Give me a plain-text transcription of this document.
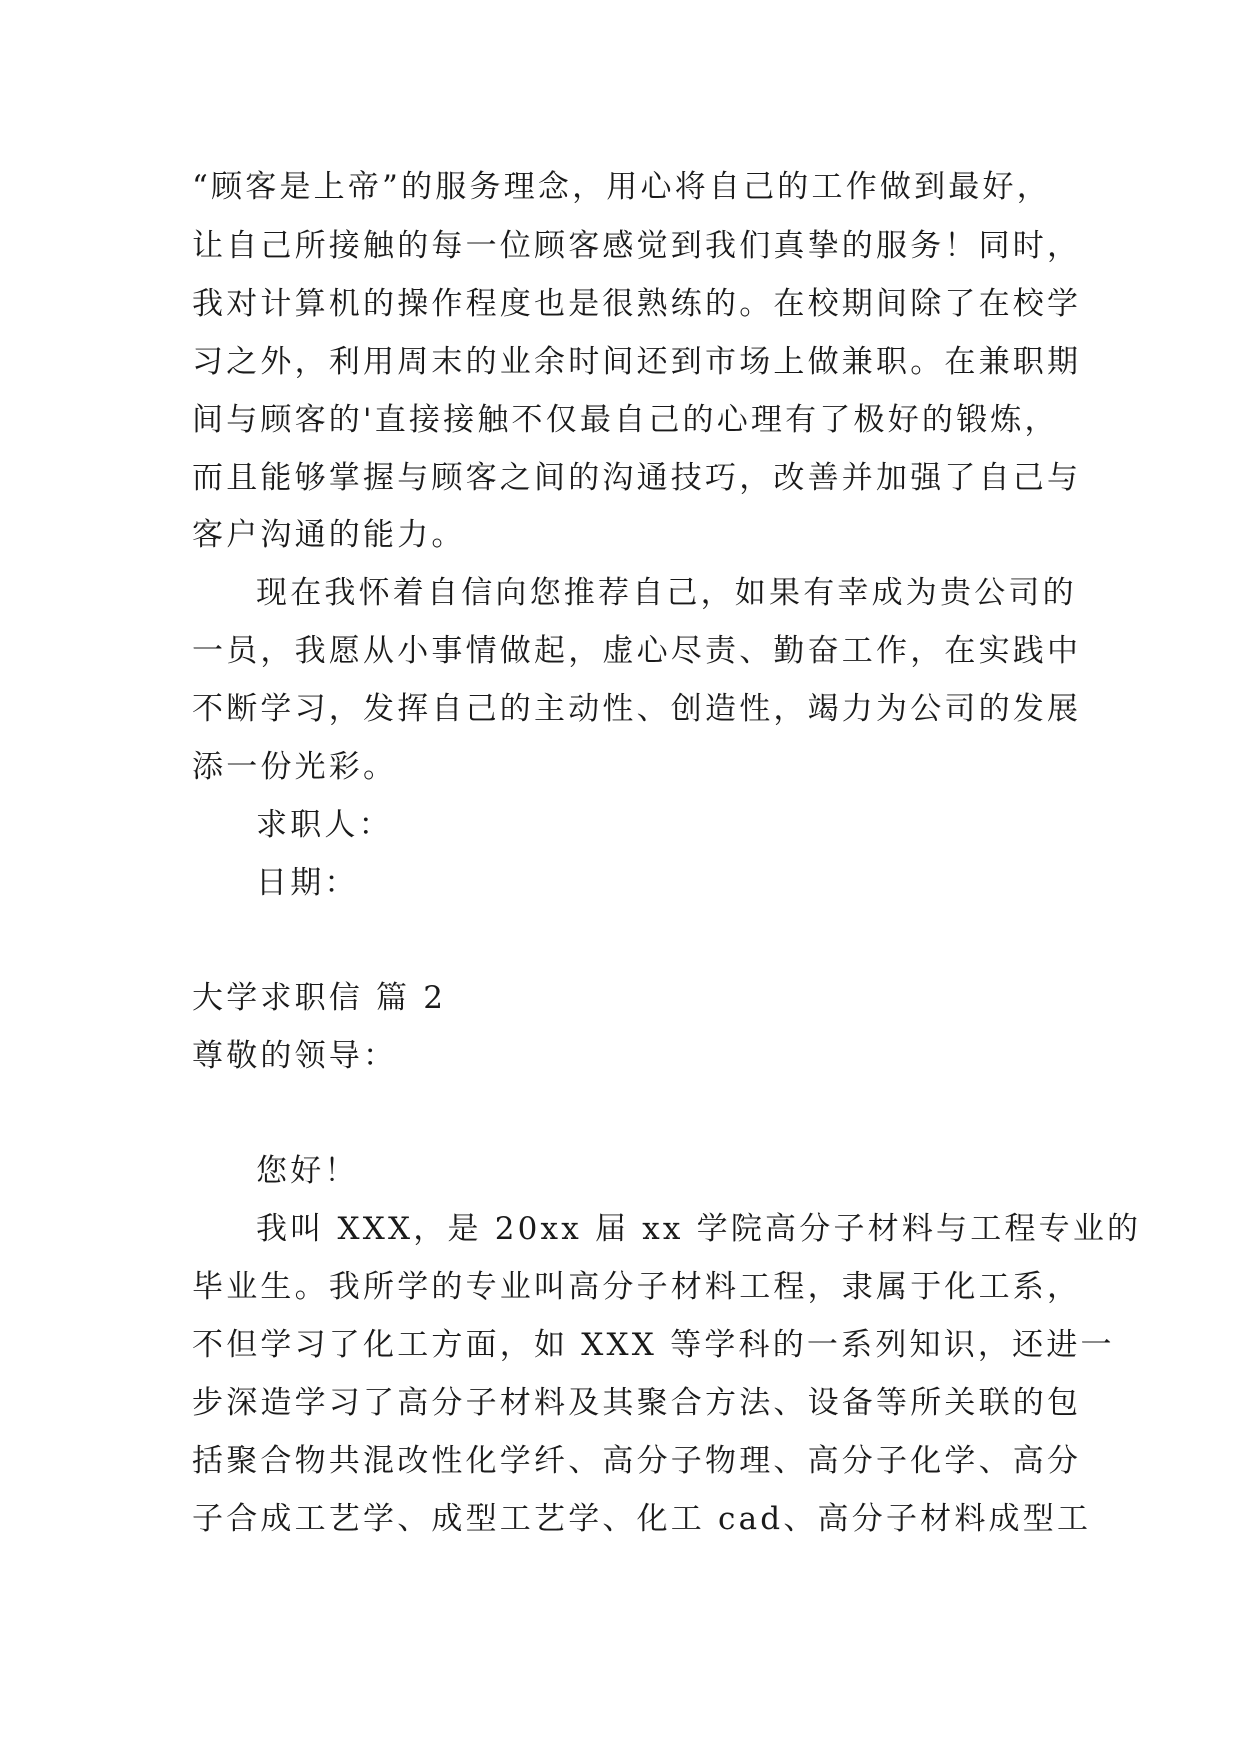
“顾客是上帝”的服务理念，用心将自己的工作做到最好，
让自己所接触的每一位顾客感觉到我们真挚的服务！同时，
我对计算机的操作程度也是很熟练的。在校期间除了在校学
习之外，利用周末的业余时间还到市场上做兼职。在兼职期
间与顾客的'直接接触不仅最自己的心理有了极好的锻炼，
而且能够掌握与顾客之间的沟通技巧，改善并加强了自己与
客户沟通的能力。
现在我怀着自信向您推荐自己，如果有幸成为贵公司的
一员，我愿从小事情做起，虚心尽责、勤奋工作，在实践中
不断学习，发挥自己的主动性、创造性，竭力为公司的发展
添一份光彩。
求职人：
日期：
大学求职信 篇 2
尊敬的领导：
您好！
我叫 XXX，是 20xx 届 xx 学院高分子材料与工程专业的
毕业生。我所学的专业叫高分子材料工程，隶属于化工系，
不但学习了化工方面，如 XXX 等学科的一系列知识，还进一
步深造学习了高分子材料及其聚合方法、设备等所关联的包
括聚合物共混改性化学纤、高分子物理、高分子化学、高分
子合成工艺学、成型工艺学、化工 cad、高分子材料成型工
